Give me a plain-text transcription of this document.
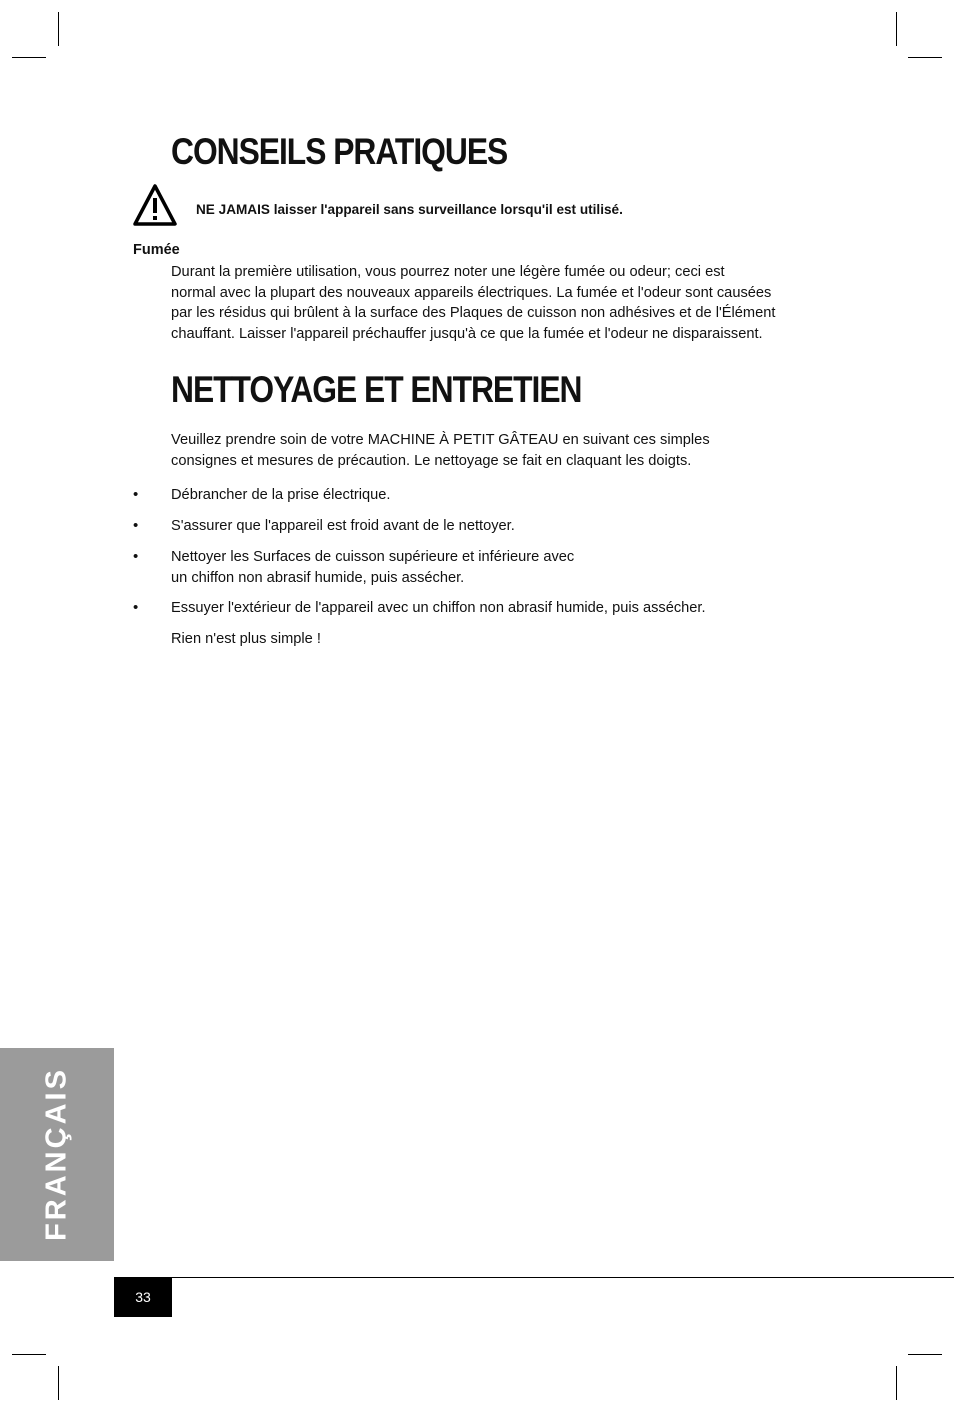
CONSEILS PRATIQUES
NE JAMAIS laisser l'appareil sans surveillance lorsqu'il est utilisé.
Fumée
Durant la première utilisation, vous pourrez noter une légère fumée ou odeur; ceci est
normal avec la plupart des nouveaux appareils électriques. La fumée et l'odeur sont causées
par les résidus qui brûlent à la surface des Plaques de cuisson non adhésives et de l'Élément
chauffant. Laisser l'appareil préchauffer jusqu'à ce que la fumée et l'odeur ne disparaissent.
NETTOYAGE ET ENTRETIEN
Veuillez prendre soin de votre MACHINE À PETIT GÂTEAU en suivant ces simples
consignes et mesures de précaution. Le nettoyage se fait en claquant les doigts.
• Débrancher de la prise électrique.
• S'assurer que l'appareil est froid avant de le nettoyer.
• Nettoyer les Surfaces de cuisson supérieure et inférieure avec
un chiffon non abrasif humide, puis assécher.
• Essuyer l'extérieur de l'appareil avec un chiffon non abrasif humide, puis assécher.
Rien n'est plus simple !
FRANÇAIS
33
